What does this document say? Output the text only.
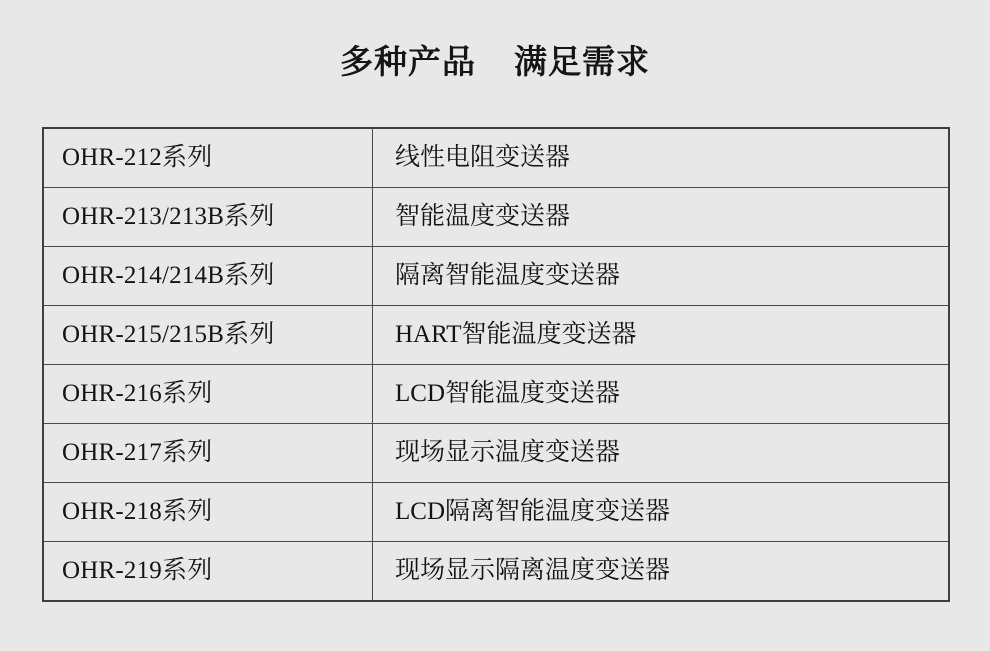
多种产品 满足需求
OHR-212系列	线性电阻变送器
OHR-213/213B系列	智能温度变送器
OHR-214/214B系列	隔离智能温度变送器
OHR-215/215B系列	HART智能温度变送器
OHR-216系列	LCD智能温度变送器
OHR-217系列	现场显示温度变送器
OHR-218系列	LCD隔离智能温度变送器
OHR-219系列	现场显示隔离温度变送器
